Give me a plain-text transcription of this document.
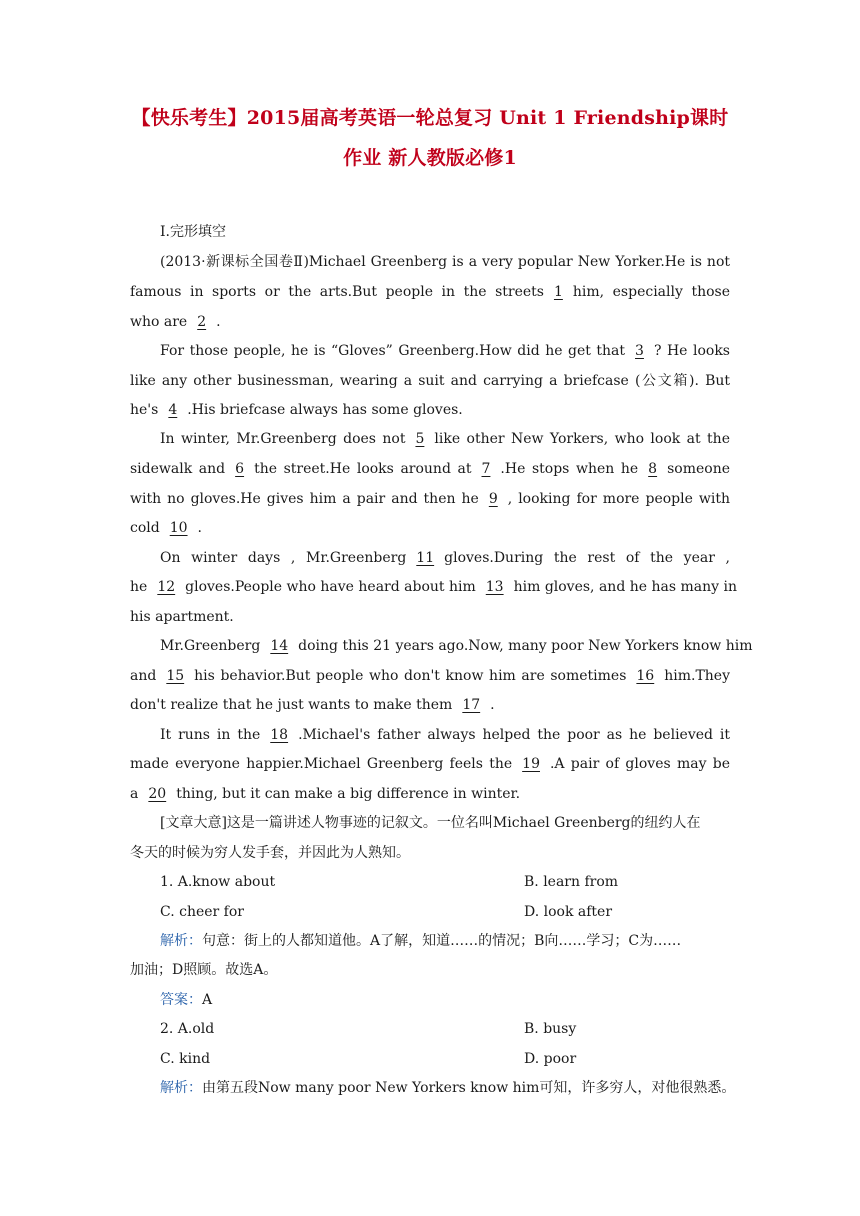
【快乐考生】2015届高考英语一轮总复习 Unit 1 Friendship课时
作业 新人教版必修1
Ⅰ.完形填空
(2013·新课标全国卷Ⅱ)Michael Greenberg is a very popular New Yorker.He is not
famous in sports or the arts.But people in the streets 1 him, especially those
who are 2 .
For those people, he is “Gloves” Greenberg.How did he get that 3 ? He looks
like any other businessman, wearing a suit and carrying a briefcase (公文箱). But
he's 4 .His briefcase always has some gloves.
In winter, Mr.Greenberg does not 5 like other New Yorkers, who look at the
sidewalk and 6 the street.He looks around at 7 .He stops when he 8 someone
with no gloves.He gives him a pair and then he 9 , looking for more people with
cold 10 .
On winter days , Mr.Greenberg 11 gloves.During the rest of the year ,
he 12 gloves.People who have heard about him 13 him gloves, and he has many in
his apartment.
Mr.Greenberg 14 doing this 21 years ago.Now, many poor New Yorkers know him
and 15 his behavior.But people who don't know him are sometimes 16 him.They
don't realize that he just wants to make them 17 .
It runs in the 18 .Michael's father always helped the poor as he believed it
made everyone happier.Michael Greenberg feels the 19 .A pair of gloves may be
a 20 thing, but it can make a big difference in winter.
[文章大意]这是一篇讲述人物事迹的记叙文。一位名叫Michael Greenberg的纽约人在
冬天的时候为穷人发手套，并因此为人熟知。
1. A.know about	B. learn from
C. cheer for	D. look after
解析：句意：街上的人都知道他。A了解，知道……的情况；B向……学习；C为……
加油；D照顾。故选A。
答案：A
2. A.old	B. busy
C. kind	D. poor
解析：由第五段Now many poor New Yorkers know him可知，许多穷人，对他很熟悉。
